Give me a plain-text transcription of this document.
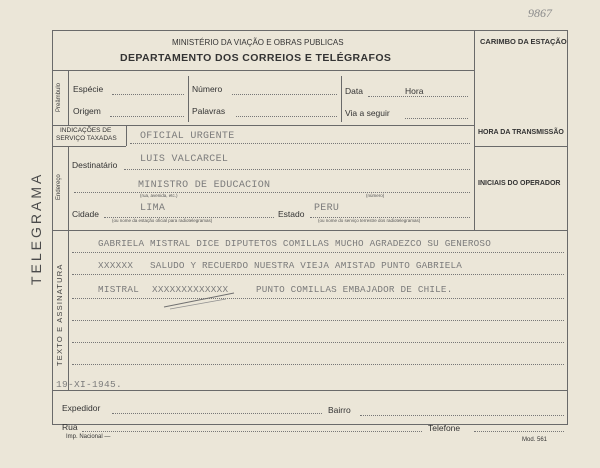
9867
TELEGRAMA
MINISTÉRIO DA VIAÇÃO E OBRAS PUBLICAS
DEPARTAMENTO DOS CORREIOS E TELÉGRAFOS
CARIMBO DA ESTAÇÃO
Preâmbulo Espécie	Número	Data	Hora
Origem	Palavras	Via a seguir
INDICAÇÕES DE
SERVIÇO TAXADAS OFICIAL URGENTE	HORA DA TRANSMISSÃO
INICIAIS DO OPERADOR
Endereço
Destinatário LUIS VALCARCEL
MINISTRO DE EDUCACION
(rua, avenida, etc.)	(número)
Cidade	LIMA	Estado PERU
(ou nome da estação oficial para radiotelegramas)	(ou nome do serviço terrestre dos radiotelegramas)
TEXTO E ASSINATURA
GABRIELA MISTRAL DICE DIPUTETOS COMILLAS MUCHO AGRADEZCO SU GENEROSO
XXXXXX SALUDO Y RECUERDO NUESTRA VIEJA AMISTAD PUNTO GABRIELA
MISTRAL XXXXXXXXXXXXX	PUNTO COMILLAS EMBAJADOR DE CHILE.
19-XI-1945.
Expedidor	Bairro
Rua	Telefone
Imp. Nacional —	Mod. 561
